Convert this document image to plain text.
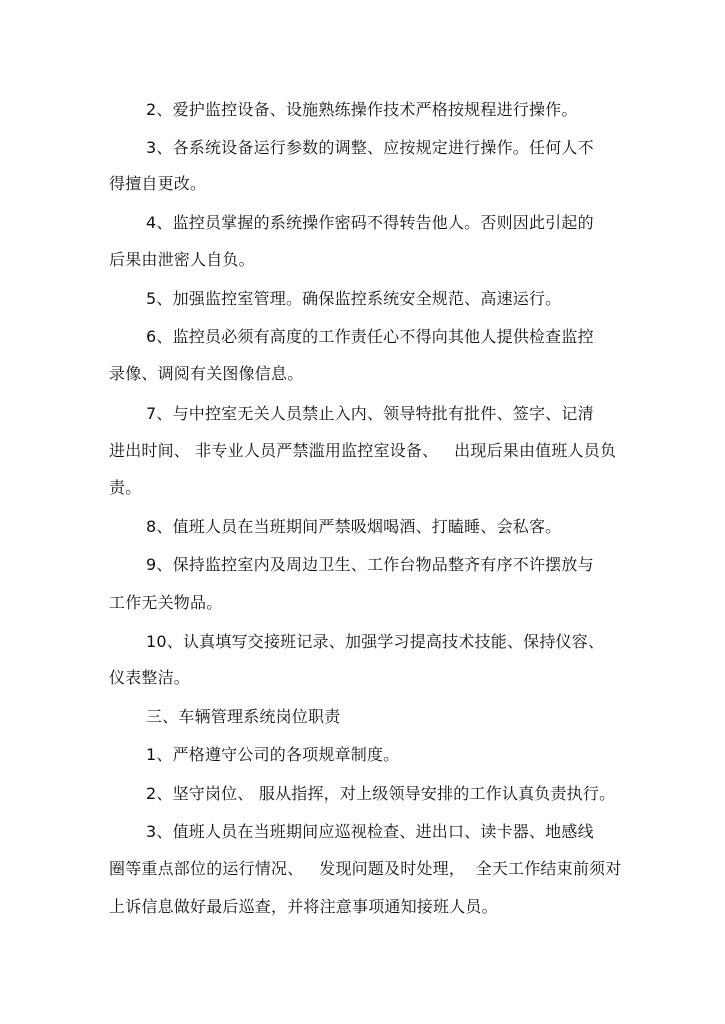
2、爱护监控设备、设施熟练操作技术严格按规程进行操作。
3、各系统设备运行参数的调整、应按规定进行操作。任何人不
得擅自更改。
4、监控员掌握的系统操作密码不得转告他人。否则因此引起的
后果由泄密人自负。
5、加强监控室管理。确保监控系统安全规范、高速运行。
6、监控员必须有高度的工作责任心不得向其他人提供检查监控
录像、调阅有关图像信息。
7、与中控室无关人员禁止入内、领导特批有批件、签字、记清
进出时间、 非专业人员严禁滥用监控室设备、   出现后果由值班人员负
责。
8、值班人员在当班期间严禁吸烟喝酒、打瞌睡、会私客。
9、保持监控室内及周边卫生、工作台物品整齐有序不许摆放与
工作无关物品。
10、认真填写交接班记录、加强学习提高技术技能、保持仪容、
仪表整洁。
三、车辆管理系统岗位职责
1、严格遵守公司的各项规章制度。
2、坚守岗位、 服从指挥，对上级领导安排的工作认真负责执行。
3、值班人员在当班期间应巡视检查、进出口、读卡器、地感线
圈等重点部位的运行情况、   发现问题及时处理，  全天工作结束前须对
上诉信息做好最后巡查，并将注意事项通知接班人员。
